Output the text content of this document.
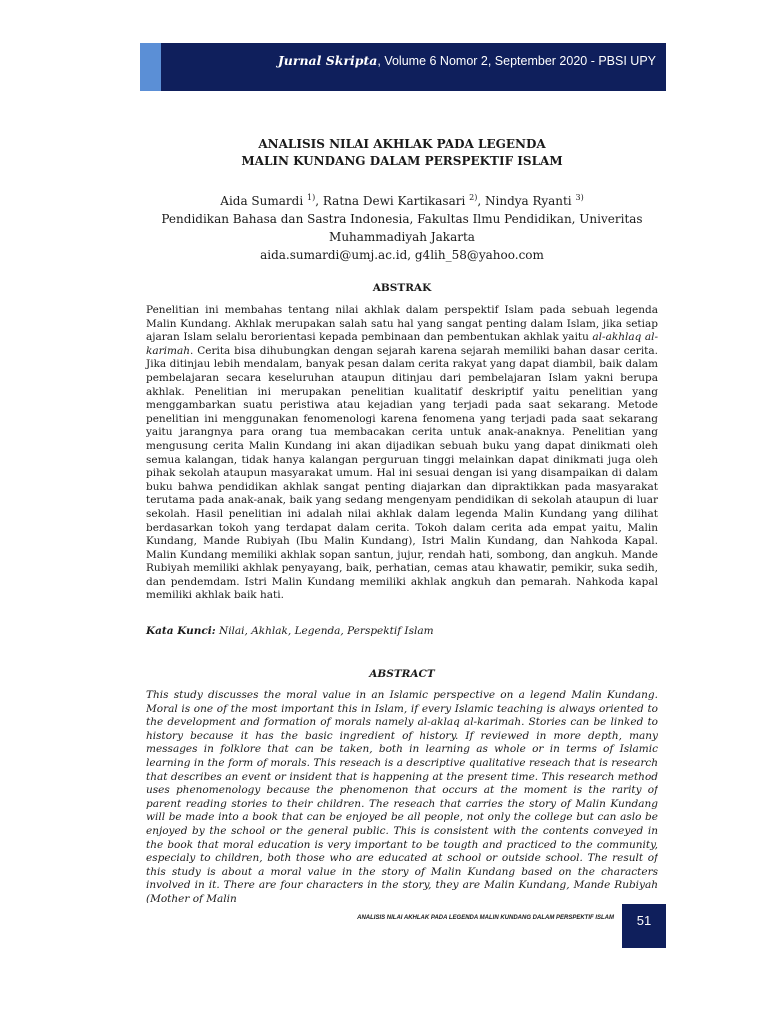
Jurnal Skripta, Volume 6 Nomor 2, September 2020 - PBSI UPY
ANALISIS NILAI AKHLAK PADA LEGENDA
MALIN KUNDANG DALAM PERSPEKTIF ISLAM
Aida Sumardi $^{1)}$, Ratna Dewi Kartikasari $^{2)}$, Nindya Ryanti $^{3)}$
Pendidikan Bahasa dan Sastra Indonesia, Fakultas Ilmu Pendidikan, Univeritas
Muhammadiyah Jakarta
aida.sumardi@umj.ac.id, g4lih_58@yahoo.com
ABSTRAK
Penelitian ini membahas tentang nilai akhlak dalam perspektif Islam pada sebuah legenda Malin Kundang. Akhlak merupakan salah satu hal yang sangat penting dalam Islam, jika setiap ajaran Islam selalu berorientasi kepada pembinaan dan pembentukan akhlak yaitu al-akhlaq al-karimah. Cerita bisa dihubungkan dengan sejarah karena sejarah memiliki bahan dasar cerita. Jika ditinjau lebih mendalam, banyak pesan dalam cerita rakyat yang dapat diambil, baik dalam pembelajaran secara keseluruhan ataupun ditinjau dari pembelajaran Islam yakni berupa akhlak. Penelitian ini merupakan penelitian kualitatif deskriptif yaitu penelitian yang menggambarkan suatu peristiwa atau kejadian yang terjadi pada saat sekarang. Metode penelitian ini menggunakan fenomenologi karena fenomena yang terjadi pada saat sekarang yaitu jarangnya para orang tua membacakan cerita untuk anak-anaknya. Penelitian yang mengusung cerita Malin Kundang ini akan dijadikan sebuah buku yang dapat dinikmati oleh semua kalangan, tidak hanya kalangan perguruan tinggi melainkan dapat dinikmati juga oleh pihak sekolah ataupun masyarakat umum. Hal ini sesuai dengan isi yang disampaikan di dalam buku bahwa pendidikan akhlak sangat penting diajarkan dan dipraktikkan pada masyarakat terutama pada anak-anak, baik yang sedang mengenyam pendidikan di sekolah ataupun di luar sekolah. Hasil penelitian ini adalah nilai akhlak dalam legenda Malin Kundang yang dilihat berdasarkan tokoh yang terdapat dalam cerita. Tokoh dalam cerita ada empat yaitu, Malin Kundang, Mande Rubiyah (Ibu Malin Kundang), Istri Malin Kundang, dan Nahkoda Kapal. Malin Kundang memiliki akhlak sopan santun, jujur, rendah hati, sombong, dan angkuh. Mande Rubiyah memiliki akhlak penyayang, baik, perhatian, cemas atau khawatir, pemikir, suka sedih, dan pendemdam. Istri Malin Kundang memiliki akhlak angkuh dan pemarah. Nahkoda kapal memiliki akhlak baik hati.
Kata Kunci: Nilai, Akhlak, Legenda, Perspektif Islam
ABSTRACT
This study discusses the moral value in an Islamic perspective on a legend Malin Kundang. Moral is one of the most important this in Islam, if every Islamic teaching is always oriented to the development and formation of morals namely al-aklaq al-karimah. Stories can be linked to history because it has the basic ingredient of history. If reviewed in more depth, many messages in folklore that can be taken, both in learning as whole or in terms of Islamic learning in the form of morals. This reseach is a descriptive qualitative reseach that is research that describes an event or insident that is happening at the present time. This research method uses phenomenology because the phenomenon that occurs at the moment is the rarity of parent reading stories to their children. The reseach that carries the story of Malin Kundang will be made into a book that can be enjoyed be all people, not only the college but can aslo be enjoyed by the school or the general public. This is consistent with the contents conveyed in the book that moral education is very important to be tougth and practiced to the community, especialy to children, both those who are educated at school or outside school. The result of this study is about a moral value in the story of Malin Kundang based on the characters involved in it. There are four characters in the story, they are Malin Kundang, Mande Rubiyah (Mother of Malin
ANALISIS NILAI AKHLAK PADA LEGENDA MALIN KUNDANG DALAM PERSPEKTIF ISLAM 51
